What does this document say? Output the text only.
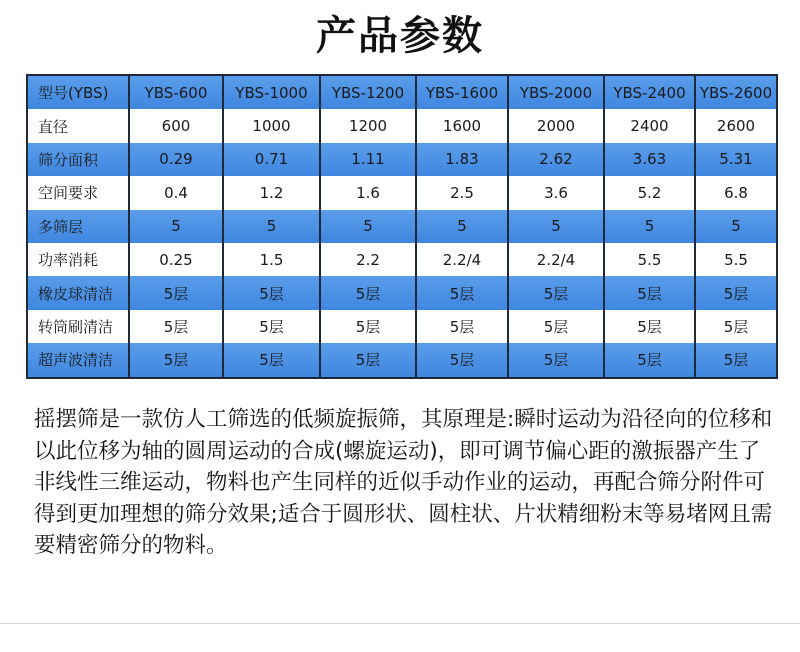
产品参数
型号(YBS)	YBS-600	YBS-1000	YBS-1200	YBS-1600	YBS-2000	YBS-2400	YBS-2600
直径	600	1000	1200	1600	2000	2400	2600
筛分面积	0.29	0.71	1.11	1.83	2.62	3.63	5.31
空间要求	0.4	1.2	1.6	2.5	3.6	5.2	6.8
多筛层	5	5	5	5	5	5	5
功率消耗	0.25	1.5	2.2	2.2/4	2.2/4	5.5	5.5
橡皮球清洁	5层	5层	5层	5层	5层	5层	5层
转筒刷清洁	5层	5层	5层	5层	5层	5层	5层
超声波清洁	5层	5层	5层	5层	5层	5层	5层

摇摆筛是一款仿人工筛选的低频旋振筛，其原理是:瞬时运动为沿径向的位移和以此位移为轴的圆周运动的合成(螺旋运动)，即可调节偏心距的激振器产生了非线性三维运动，物料也产生同样的近似手动作业的运动，再配合筛分附件可得到更加理想的筛分效果;适合于圆形状、圆柱状、片状精细粉末等易堵网且需要精密筛分的物料。
